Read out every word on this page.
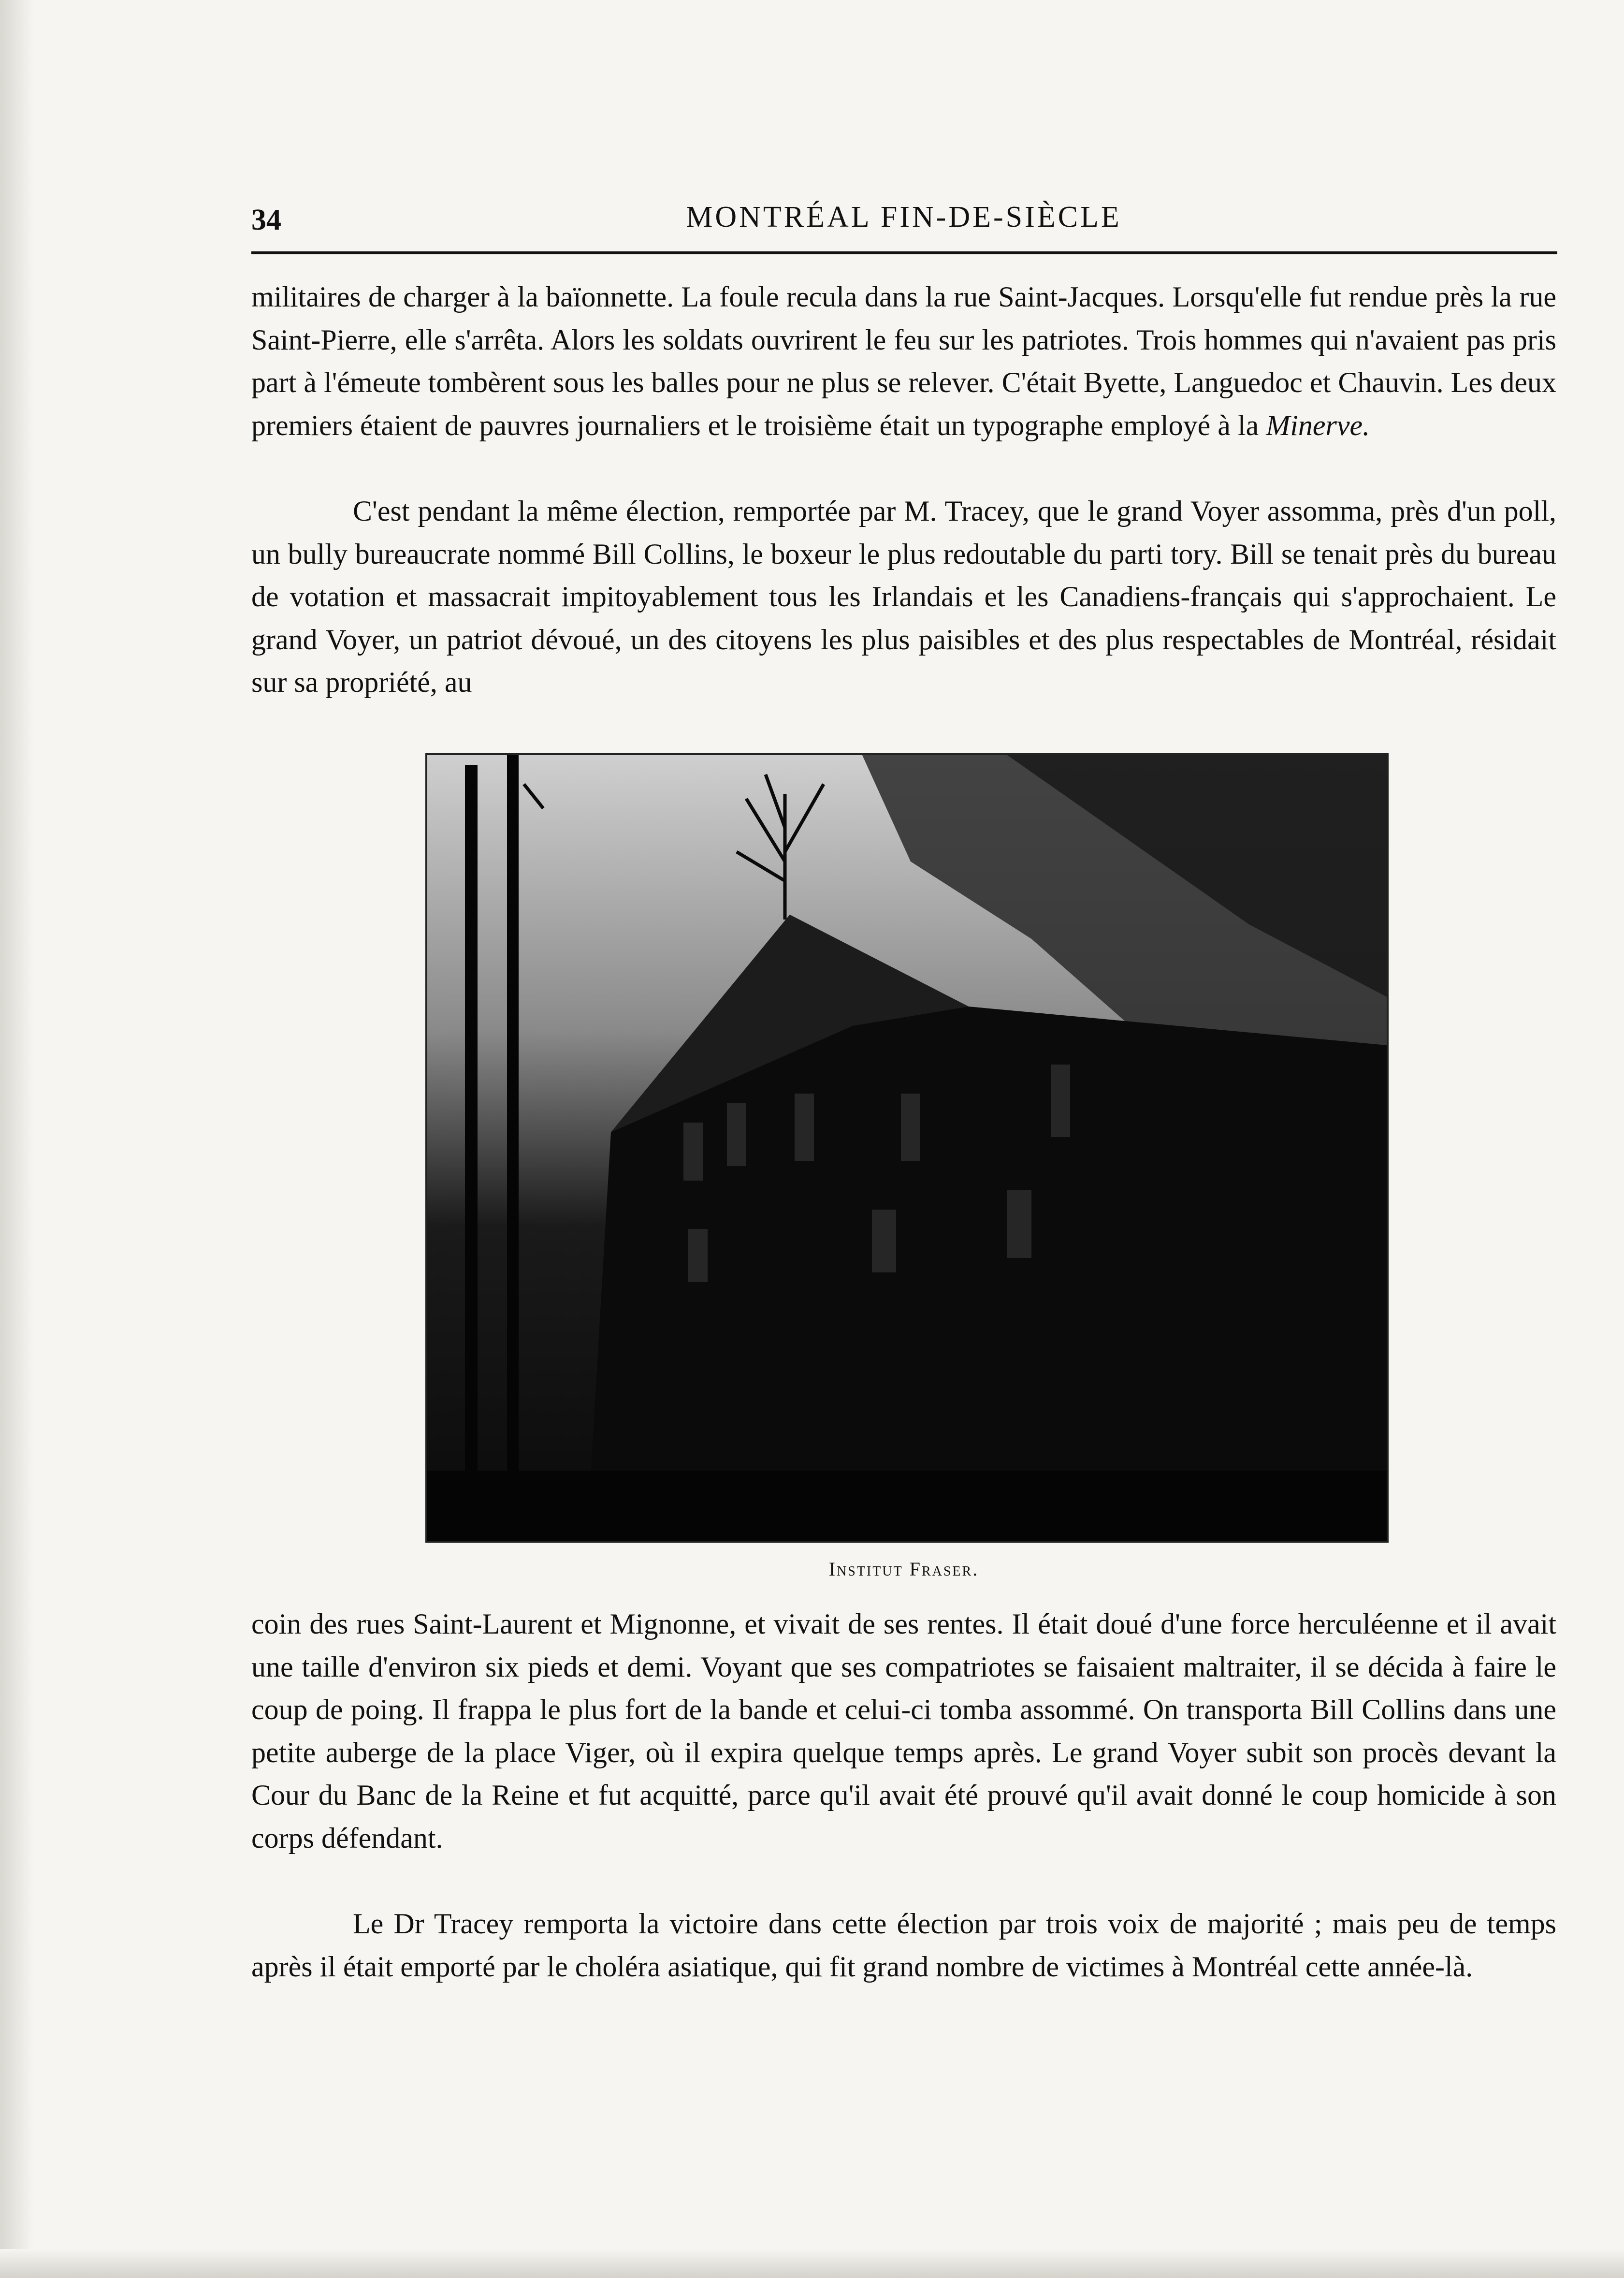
34	MONTRÉAL FIN-DE-SIÈCLE

militaires de charger à la baïonnette. La foule recula dans la rue Saint-Jacques. Lorsqu'elle fut rendue près la rue Saint-Pierre, elle s'arrêta. Alors les soldats ouvrirent le feu sur les patriotes. Trois hommes qui n'avaient pas pris part à l'émeute tombèrent sous les balles pour ne plus se relever. C'était Byette, Languedoc et Chauvin. Les deux premiers étaient de pauvres journaliers et le troisième était un typographe employé à la Minerve.

C'est pendant la même élection, remportée par M. Tracey, que le grand Voyer assomma, près d'un poll, un bully bureaucrate nommé Bill Collins, le boxeur le plus redoutable du parti tory. Bill se tenait près du bureau de votation et massacrait impitoyablement tous les Irlandais et les Canadiens-français qui s'approchaient. Le grand Voyer, un patriot dévoué, un des citoyens les plus paisibles et des plus respectables de Montréal, résidait sur sa propriété, au

Institut Fraser.

coin des rues Saint-Laurent et Mignonne, et vivait de ses rentes. Il était doué d'une force herculéenne et il avait une taille d'environ six pieds et demi. Voyant que ses compatriotes se faisaient maltraiter, il se décida à faire le coup de poing. Il frappa le plus fort de la bande et celui-ci tomba assommé. On transporta Bill Collins dans une petite auberge de la place Viger, où il expira quelque temps après. Le grand Voyer subit son procès devant la Cour du Banc de la Reine et fut acquitté, parce qu'il avait été prouvé qu'il avait donné le coup homicide à son corps défendant.

Le Dr Tracey remporta la victoire dans cette élection par trois voix de majorité ; mais peu de temps après il était emporté par le choléra asiatique, qui fit grand nombre de victimes à Montréal cette année-là.
